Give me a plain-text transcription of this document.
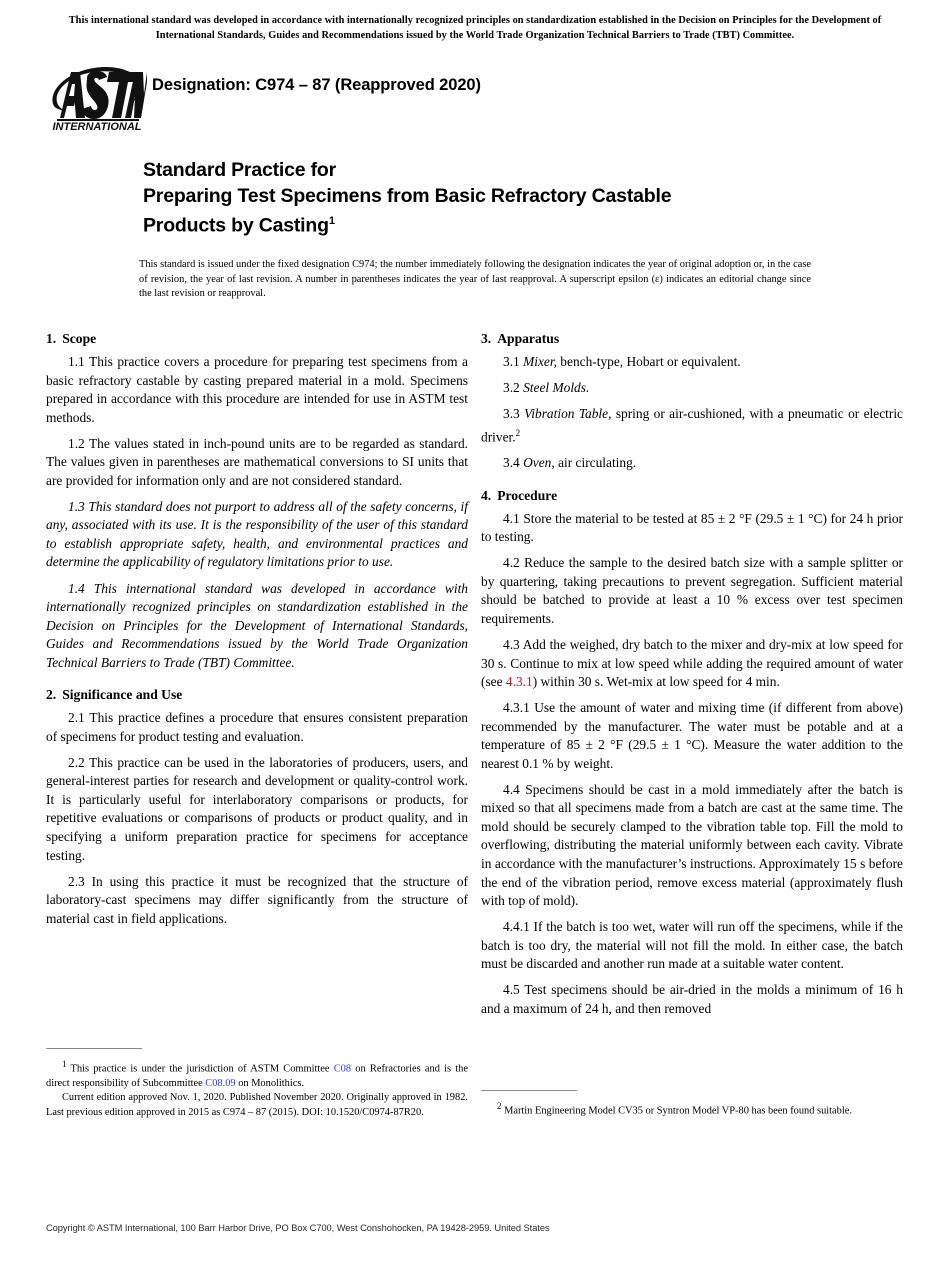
This international standard was developed in accordance with internationally recognized principles on standardization established in the Decision on Principles for the Development of International Standards, Guides and Recommendations issued by the World Trade Organization Technical Barriers to Trade (TBT) Committee.
INTERNATIONAL
Designation: C974 – 87 (Reapproved 2020)
Standard Practice for
Preparing Test Specimens from Basic Refractory Castable
Products by Casting$^1$
This standard is issued under the fixed designation C974; the number immediately following the designation indicates the year of original adoption or, in the case of revision, the year of last revision. A number in parentheses indicates the year of last reapproval. A superscript epsilon (ε) indicates an editorial change since the last revision or reapproval.
1. Scope

1.1 This practice covers a procedure for preparing test specimens from a basic refractory castable by casting prepared material in a mold. Specimens prepared in accordance with this procedure are intended for use in ASTM test methods.

1.2 The values stated in inch-pound units are to be regarded as standard. The values given in parentheses are mathematical conversions to SI units that are provided for information only and are not considered standard.

1.3 This standard does not purport to address all of the safety concerns, if any, associated with its use. It is the responsibility of the user of this standard to establish appropriate safety, health, and environmental practices and determine the applicability of regulatory limitations prior to use.

1.4 This international standard was developed in accordance with internationally recognized principles on standardization established in the Decision on Principles for the Development of International Standards, Guides and Recommendations issued by the World Trade Organization Technical Barriers to Trade (TBT) Committee.

2. Significance and Use

2.1 This practice defines a procedure that ensures consistent preparation of specimens for product testing and evaluation.

2.2 This practice can be used in the laboratories of producers, users, and general-interest parties for research and development or quality-control work. It is particularly useful for interlaboratory comparisons or products, for repetitive evaluations or comparisons of products or product quality, and in specifying a uniform preparation practice for specimens for acceptance testing.

2.3 In using this practice it must be recognized that the structure of laboratory-cast specimens may differ significantly from the structure of material cast in field applications.

3. Apparatus

3.1 Mixer, bench-type, Hobart or equivalent.

3.2 Steel Molds.

3.3 Vibration Table, spring or air-cushioned, with a pneumatic or electric driver.$^2$

3.4 Oven, air circulating.

4. Procedure

4.1 Store the material to be tested at 85 ± 2 °F (29.5 ± 1 °C) for 24 h prior to testing.

4.2 Reduce the sample to the desired batch size with a sample splitter or by quartering, taking precautions to prevent segregation. Sufficient material should be batched to provide at least a 10 % excess over test specimen requirements.

4.3 Add the weighed, dry batch to the mixer and dry-mix at low speed for 30 s. Continue to mix at low speed while adding the required amount of water (see 4.3.1) within 30 s. Wet-mix at low speed for 4 min.

4.3.1 Use the amount of water and mixing time (if different from above) recommended by the manufacturer. The water must be potable and at a temperature of 85 ± 2 °F (29.5 ± 1 °C). Measure the water addition to the nearest 0.1 % by weight.

4.4 Specimens should be cast in a mold immediately after the batch is mixed so that all specimens made from a batch are cast at the same time. The mold should be securely clamped to the vibration table top. Fill the mold to overflowing, distributing the material uniformly between each cavity. Vibrate in accordance with the manufacturer’s instructions. Approximately 15 s before the end of the vibration period, remove excess material (approximately flush with top of mold).

4.4.1 If the batch is too wet, water will run off the specimens, while if the batch is too dry, the material will not fill the mold. In either case, the batch must be discarded and another run made at a suitable water content.

4.5 Test specimens should be air-dried in the molds a minimum of 16 h and a maximum of 24 h, and then removed

1 This practice is under the jurisdiction of ASTM Committee C08 on Refractories and is the direct responsibility of Subcommittee C08.09 on Monolithics.

Current edition approved Nov. 1, 2020. Published November 2020. Originally approved in 1982. Last previous edition approved in 2015 as C974 – 87 (2015). DOI: 10.1520/C0974-87R20.

2 Martin Engineering Model CV35 or Syntron Model VP-80 has been found suitable.

Copyright © ASTM International, 100 Barr Harbor Drive, PO Box C700, West Conshohocken, PA 19428-2959. United States
